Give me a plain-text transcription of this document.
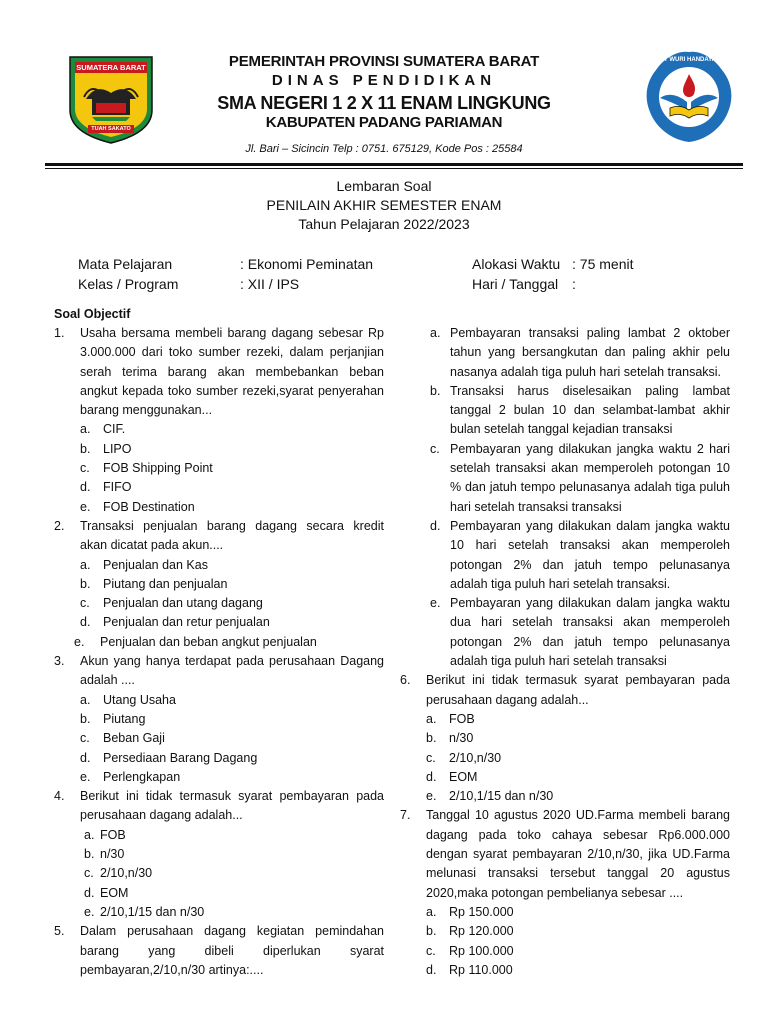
SUMATERA BARAT
TUAH SAKATO
TUT WURI HANDAYANI
PEMERINTAH PROVINSI SUMATERA BARAT
DINAS PENDIDIKAN
SMA NEGERI 1 2 X 11 ENAM LINGKUNG
KABUPATEN PADANG PARIAMAN
Jl. Bari – Sicincin Telp : 0751. 675129, Kode Pos : 25584
Lembaran Soal
PENILAIN AKHIR SEMESTER ENAM
Tahun Pelajaran 2022/2023
Mata Pelajaran	: Ekonomi Peminatan
Kelas / Program	: XII / IPS
Alokasi Waktu : 75 menit
Hari / Tanggal :
Soal Objectif
1. Usaha bersama membeli barang dagang sebesar Rp 3.000.000 dari toko sumber rezeki, dalam perjanjian serah terima barang akan membebankan beban angkut kepada toko sumber rezeki,syarat penyerahan barang menggunakan...
a. CIF.
b. LIPO
c. FOB Shipping Point
d. FIFO
e. FOB Destination
2. Transaksi penjualan barang dagang secara kredit akan dicatat pada akun....
a. Penjualan dan Kas
b. Piutang dan penjualan
c. Penjualan dan utang dagang
d. Penjualan dan retur penjualan
e. Penjualan dan beban angkut penjualan
3. Akun yang hanya terdapat pada perusahaan Dagang adalah ....
a. Utang Usaha
b. Piutang
c. Beban Gaji
d. Persediaan Barang Dagang
e. Perlengkapan
4. Berikut ini tidak termasuk syarat pembayaran pada perusahaan dagang adalah...
a. FOB
b. n/30
c. 2/10,n/30
d. EOM
e. 2/10,1/15 dan n/30
5. Dalam perusahaan dagang kegiatan pemindahan barang yang dibeli diperlukan syarat pembayaran,2/10,n/30 artinya:....
a. Pembayaran transaksi paling lambat 2 oktober tahun yang bersangkutan dan paling akhir pelu nasanya adalah tiga puluh hari setelah transaksi.
b. Transaksi harus diselesaikan paling lambat tanggal 2 bulan 10 dan selambat-lambat akhir bulan setelah tanggal kejadian transaksi
c. Pembayaran yang dilakukan jangka waktu 2 hari setelah transaksi akan memperoleh potongan 10 % dan jatuh tempo pelunasanya adalah tiga puluh hari setelah transaksi transaksi
d. Pembayaran yang dilakukan dalam jangka waktu 10 hari setelah transaksi akan memperoleh potongan 2% dan jatuh tempo pelunasanya adalah tiga puluh hari setelah transaksi.
e. Pembayaran yang dilakukan dalam jangka waktu dua hari setelah transaksi akan memperoleh potongan 2% dan jatuh tempo pelunasanya adalah tiga puluh hari setelah transaksi
6. Berikut ini tidak termasuk syarat pembayaran pada perusahaan dagang adalah...
a. FOB
b. n/30
c. 2/10,n/30
d. EOM
e. 2/10,1/15 dan n/30
7. Tanggal 10 agustus 2020 UD.Farma membeli barang dagang pada toko cahaya sebesar Rp6.000.000 dengan syarat pembayaran 2/10,n/30, jika UD.Farma melunasi transaksi tersebut tanggal 20 agustus 2020,maka potongan pembelianya sebesar ....
a. Rp 150.000
b. Rp 120.000
c. Rp 100.000
d. Rp 110.000
